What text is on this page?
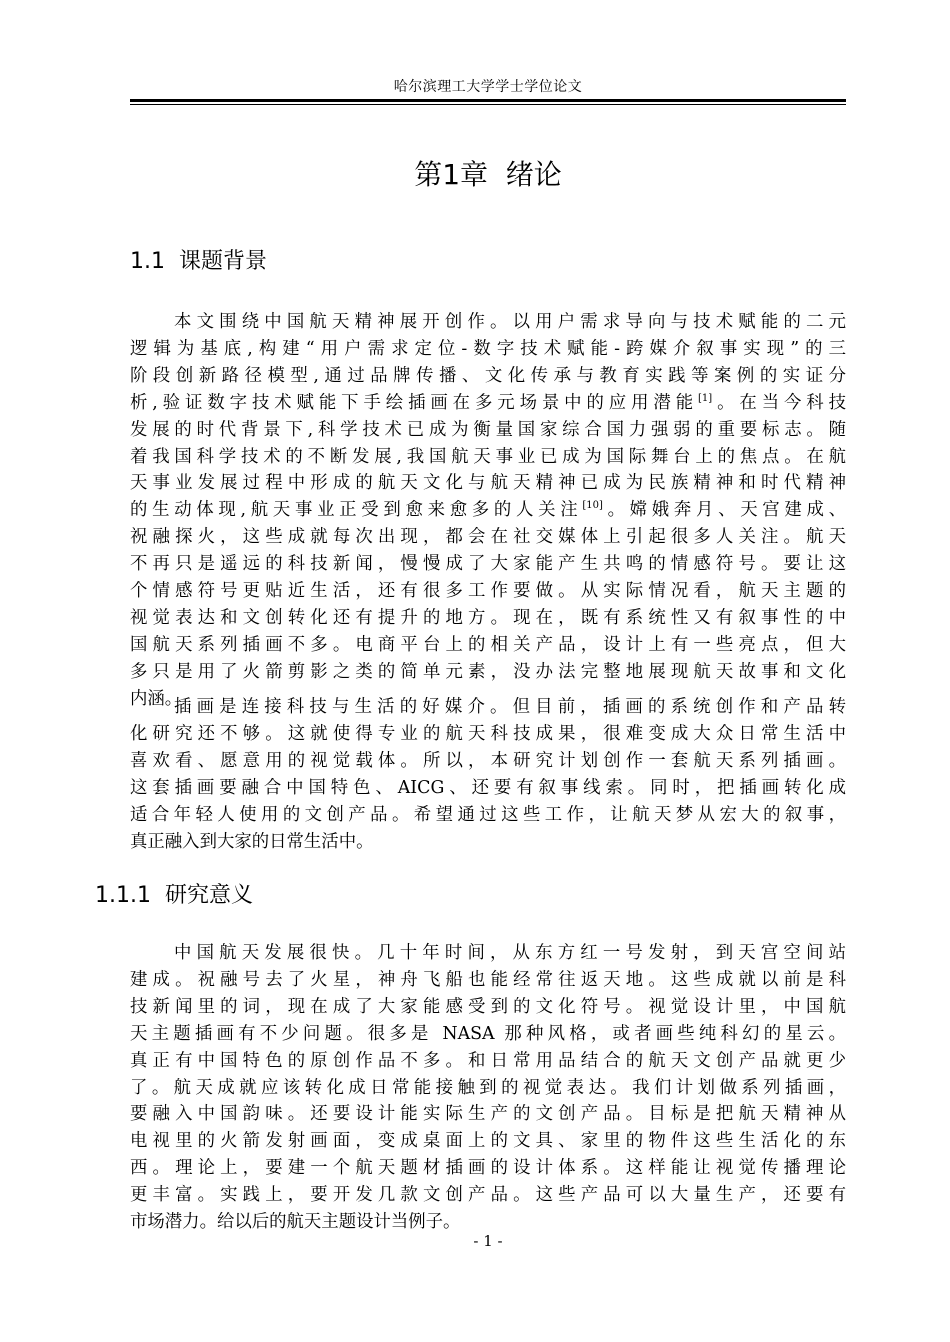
哈尔滨理工大学学士学位论文
第1章  绪论
1.1  课题背景
本文围绕中国航天精神展开创作。以用户需求导向与技术赋能的二元
逻辑为基底,构建“用户需求定位-数字技术赋能-跨媒介叙事实现”的三
阶段创新路径模型,通过品牌传播、文化传承与教育实践等案例的实证分
析,验证数字技术赋能下手绘插画在多元场景中的应用潜能[1]。在当今科技
发展的时代背景下,科学技术已成为衡量国家综合国力强弱的重要标志。随
着我国科学技术的不断发展,我国航天事业已成为国际舞台上的焦点。在航
天事业发展过程中形成的航天文化与航天精神已成为民族精神和时代精神
的生动体现,航天事业正受到愈来愈多的人关注[10]。嫦娥奔月、天宫建成、
祝融探火，这些成就每次出现，都会在社交媒体上引起很多人关注。航天
不再只是遥远的科技新闻，慢慢成了大家能产生共鸣的情感符号。要让这
个情感符号更贴近生活，还有很多工作要做。从实际情况看，航天主题的
视觉表达和文创转化还有提升的地方。现在，既有系统性又有叙事性的中
国航天系列插画不多。电商平台上的相关产品，设计上有一些亮点，但大
多只是用了火箭剪影之类的简单元素，没办法完整地展现航天故事和文化
内涵。
插画是连接科技与生活的好媒介。但目前，插画的系统创作和产品转
化研究还不够。这就使得专业的航天科技成果，很难变成大众日常生活中
喜欢看、愿意用的视觉载体。所以，本研究计划创作一套航天系列插画。
这套插画要融合中国特色、AICG、还要有叙事线索。同时，把插画转化成
适合年轻人使用的文创产品。希望通过这些工作，让航天梦从宏大的叙事，
真正融入到大家的日常生活中。
1.1.1  研究意义
中国航天发展很快。几十年时间，从东方红一号发射，到天宫空间站
建成。祝融号去了火星，神舟飞船也能经常往返天地。这些成就以前是科
技新闻里的词，现在成了大家能感受到的文化符号。视觉设计里，中国航
天主题插画有不少问题。很多是 NASA 那种风格，或者画些纯科幻的星云。
真正有中国特色的原创作品不多。和日常用品结合的航天文创产品就更少
了。航天成就应该转化成日常能接触到的视觉表达。我们计划做系列插画，
要融入中国韵味。还要设计能实际生产的文创产品。目标是把航天精神从
电视里的火箭发射画面，变成桌面上的文具、家里的物件这些生活化的东
西。理论上，要建一个航天题材插画的设计体系。这样能让视觉传播理论
更丰富。实践上，要开发几款文创产品。这些产品可以大量生产，还要有
市场潜力。给以后的航天主题设计当例子。
- 1 -
